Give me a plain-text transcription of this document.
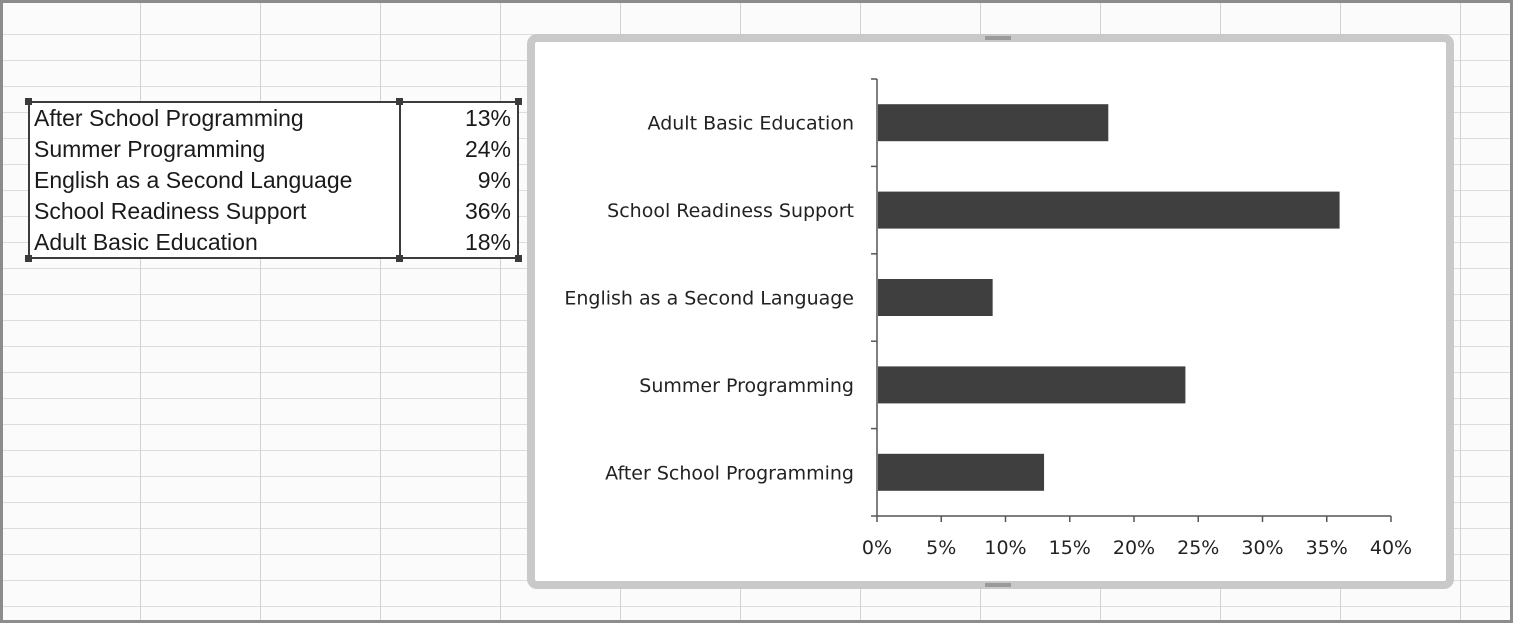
After School Programming	13%
Summer Programming	24%
English as a Second Language	9%
School Readiness Support	36%
Adult Basic Education	18%
After School Programming
Summer Programming
English as a Second Language
School Readiness Support
Adult Basic Education
0% 5% 10% 15% 20% 25% 30% 35% 40%
